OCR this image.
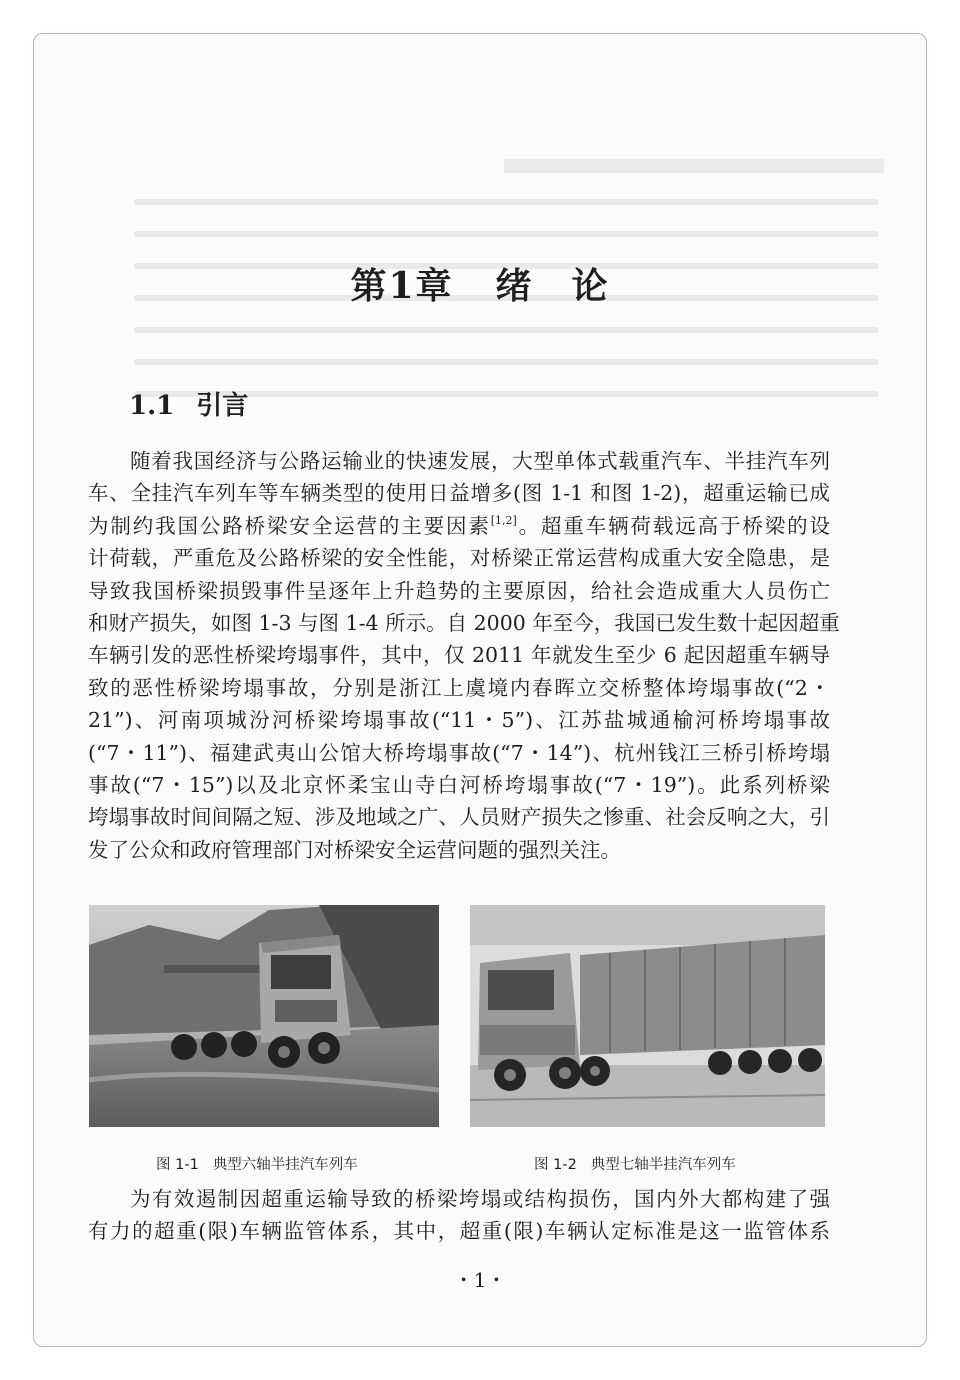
第1章 绪　论
1.1 引言
随着我国经济与公路运输业的快速发展，大型单体式载重汽车、半挂汽车列
车、全挂汽车列车等车辆类型的使用日益增多(图 1-1 和图 1-2)，超重运输已成
为制约我国公路桥梁安全运营的主要因素[1,2]。超重车辆荷载远高于桥梁的设
计荷载，严重危及公路桥梁的安全性能，对桥梁正常运营构成重大安全隐患，是
导致我国桥梁损毁事件呈逐年上升趋势的主要原因，给社会造成重大人员伤亡
和财产损失，如图 1-3 与图 1-4 所示。自 2000 年至今，我国已发生数十起因超重
车辆引发的恶性桥梁垮塌事件，其中，仅 2011 年就发生至少 6 起因超重车辆导
致的恶性桥梁垮塌事故，分别是浙江上虞境内春晖立交桥整体垮塌事故(“2・
21”)、河南项城汾河桥梁垮塌事故(“11・5”)、江苏盐城通榆河桥垮塌事故
(“7・11”)、福建武夷山公馆大桥垮塌事故(“7・14”)、杭州钱江三桥引桥垮塌
事故(“7・15”)以及北京怀柔宝山寺白河桥垮塌事故(“7・19”)。此系列桥梁
垮塌事故时间间隔之短、涉及地域之广、人员财产损失之惨重、社会反响之大，引
发了公众和政府管理部门对桥梁安全运营问题的强烈关注。
图 1-1 典型六轴半挂汽车列车	图 1-2 典型七轴半挂汽车列车
为有效遏制因超重运输导致的桥梁垮塌或结构损伤，国内外大都构建了强
有力的超重(限)车辆监管体系，其中，超重(限)车辆认定标准是这一监管体系
・1・
